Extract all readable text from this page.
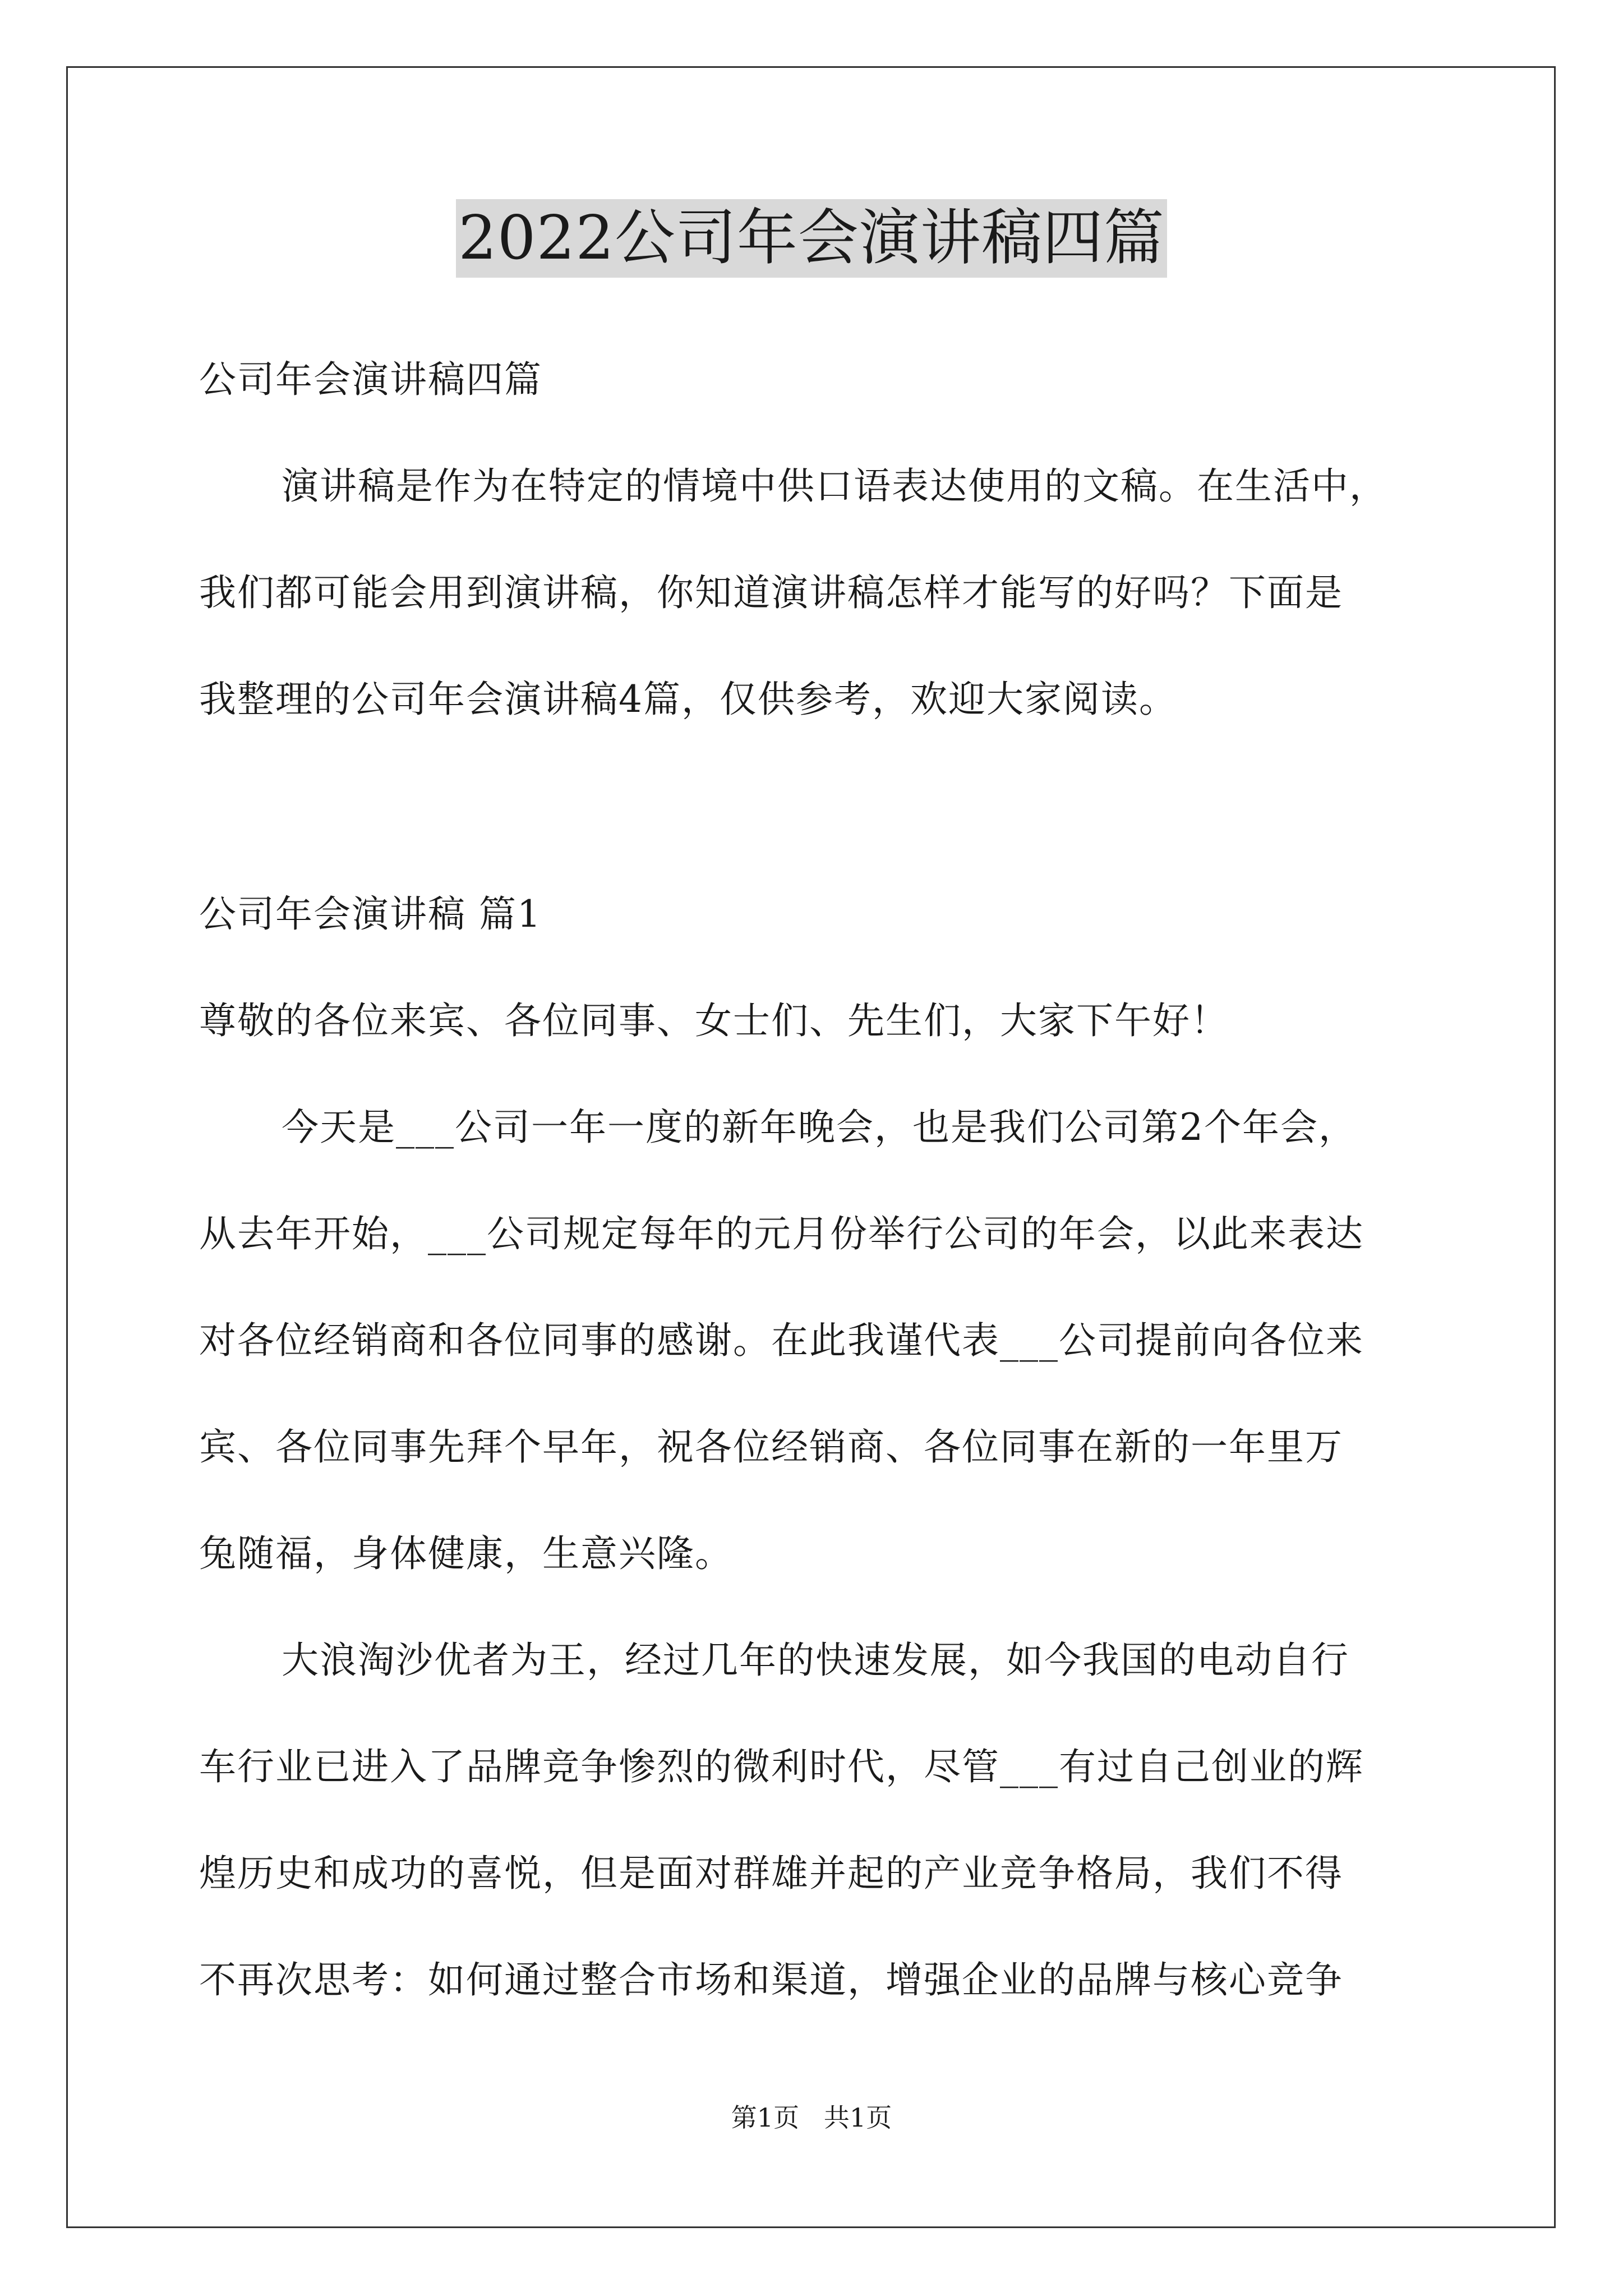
2022公司年会演讲稿四篇
公司年会演讲稿四篇
演讲稿是作为在特定的情境中供口语表达使用的文稿。在生活中，
我们都可能会用到演讲稿，你知道演讲稿怎样才能写的好吗？下面是
我整理的公司年会演讲稿4篇，仅供参考，欢迎大家阅读。
公司年会演讲稿 篇1
尊敬的各位来宾、各位同事、女士们、先生们，大家下午好！
今天是___公司一年一度的新年晚会，也是我们公司第2个年会，
从去年开始，___公司规定每年的元月份举行公司的年会，以此来表达
对各位经销商和各位同事的感谢。在此我谨代表___公司提前向各位来
宾、各位同事先拜个早年，祝各位经销商、各位同事在新的一年里万
兔随福，身体健康，生意兴隆。
大浪淘沙优者为王，经过几年的快速发展，如今我国的电动自行
车行业已进入了品牌竞争惨烈的微利时代，尽管___有过自己创业的辉
煌历史和成功的喜悦，但是面对群雄并起的产业竞争格局，我们不得
不再次思考：如何通过整合市场和渠道，增强企业的品牌与核心竞争
第1页   共1页
